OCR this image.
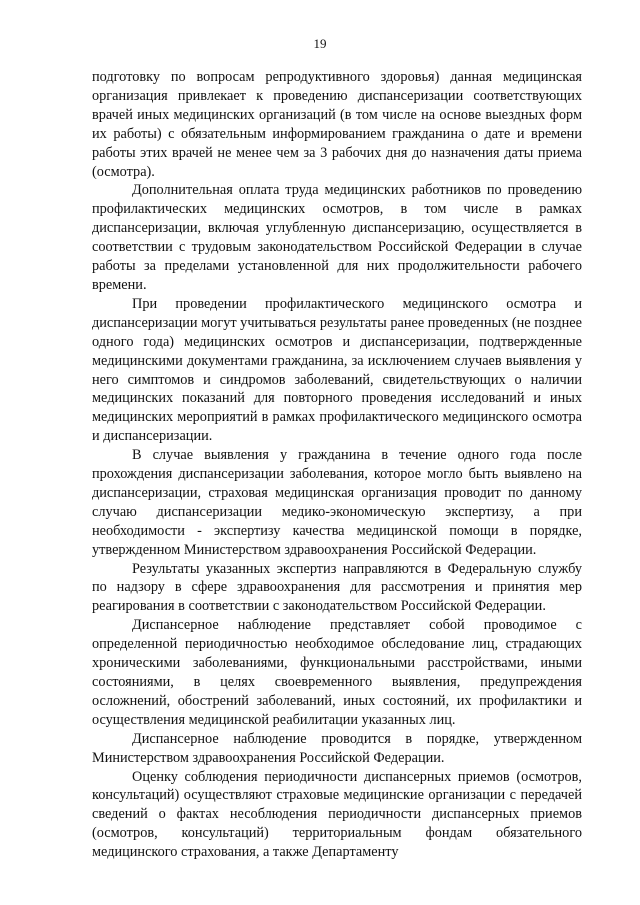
19

подготовку по вопросам репродуктивного здоровья) данная медицинская организация привлекает к проведению диспансеризации соответствующих врачей иных медицинских организаций (в том числе на основе выездных форм их работы) с обязательным информированием гражданина о дате и времени работы этих врачей не менее чем за 3 рабочих дня до назначения даты приема (осмотра).

Дополнительная оплата труда медицинских работников по проведению профилактических медицинских осмотров, в том числе в рамках диспансеризации, включая углубленную диспансеризацию, осуществляется в соответствии с трудовым законодательством Российской Федерации в случае работы за пределами установленной для них продолжительности рабочего времени.

При проведении профилактического медицинского осмотра и диспансеризации могут учитываться результаты ранее проведенных (не позднее одного года) медицинских осмотров и диспансеризации, подтвержденные медицинскими документами гражданина, за исключением случаев выявления у него симптомов и синдромов заболеваний, свидетельствующих о наличии медицинских показаний для повторного проведения исследований и иных медицинских мероприятий в рамках профилактического медицинского осмотра и диспансеризации.

В случае выявления у гражданина в течение одного года после прохождения диспансеризации заболевания, которое могло быть выявлено на диспансеризации, страховая медицинская организация проводит по данному случаю диспансеризации медико-экономическую экспертизу, а при необходимости - экспертизу качества медицинской помощи в порядке, утвержденном Министерством здравоохранения Российской Федерации.

Результаты указанных экспертиз направляются в Федеральную службу по надзору в сфере здравоохранения для рассмотрения и принятия мер реагирования в соответствии с законодательством Российской Федерации.

Диспансерное наблюдение представляет собой проводимое с определенной периодичностью необходимое обследование лиц, страдающих хроническими заболеваниями, функциональными расстройствами, иными состояниями, в целях своевременного выявления, предупреждения осложнений, обострений заболеваний, иных состояний, их профилактики и осуществления медицинской реабилитации указанных лиц.

Диспансерное наблюдение проводится в порядке, утвержденном Министерством здравоохранения Российской Федерации.

Оценку соблюдения периодичности диспансерных приемов (осмотров, консультаций) осуществляют страховые медицинские организации с передачей сведений о фактах несоблюдения периодичности диспансерных приемов (осмотров, консультаций) территориальным фондам обязательного медицинского страхования, а также Департаменту
